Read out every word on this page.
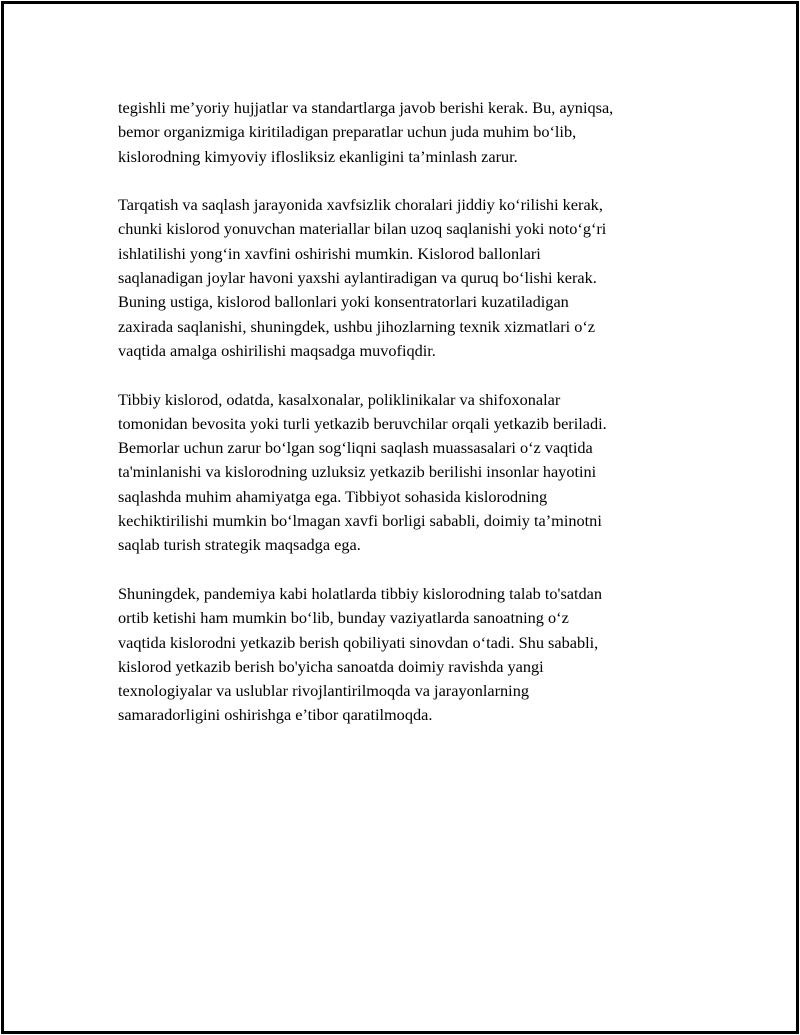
tegishli me’yoriy hujjatlar va standartlarga javob berishi kerak. Bu, ayniqsa,
bemor organizmiga kiritiladigan preparatlar uchun juda muhim bo‘lib,
kislorodning kimyoviy iflosliksiz ekanligini ta’minlash zarur.

Tarqatish va saqlash jarayonida xavfsizlik choralari jiddiy ko‘rilishi kerak,
chunki kislorod yonuvchan materiallar bilan uzoq saqlanishi yoki noto‘g‘ri
ishlatilishi yong‘in xavfini oshirishi mumkin. Kislorod ballonlari
saqlanadigan joylar havoni yaxshi aylantiradigan va quruq bo‘lishi kerak.
Buning ustiga, kislorod ballonlari yoki konsentratorlari kuzatiladigan
zaxirada saqlanishi, shuningdek, ushbu jihozlarning texnik xizmatlari o‘z
vaqtida amalga oshirilishi maqsadga muvofiqdir.

Tibbiy kislorod, odatda, kasalxonalar, poliklinikalar va shifoxonalar
tomonidan bevosita yoki turli yetkazib beruvchilar orqali yetkazib beriladi.
Bemorlar uchun zarur bo‘lgan sog‘liqni saqlash muassasalari o‘z vaqtida
ta'minlanishi va kislorodning uzluksiz yetkazib berilishi insonlar hayotini
saqlashda muhim ahamiyatga ega. Tibbiyot sohasida kislorodning
kechiktirilishi mumkin bo‘lmagan xavfi borligi sababli, doimiy ta’minotni
saqlab turish strategik maqsadga ega.

Shuningdek, pandemiya kabi holatlarda tibbiy kislorodning talab to'satdan
ortib ketishi ham mumkin bo‘lib, bunday vaziyatlarda sanoatning o‘z
vaqtida kislorodni yetkazib berish qobiliyati sinovdan o‘tadi. Shu sababli,
kislorod yetkazib berish bo'yicha sanoatda doimiy ravishda yangi
texnologiyalar va uslublar rivojlantirilmoqda va jarayonlarning
samaradorligini oshirishga e’tibor qaratilmoqda.
